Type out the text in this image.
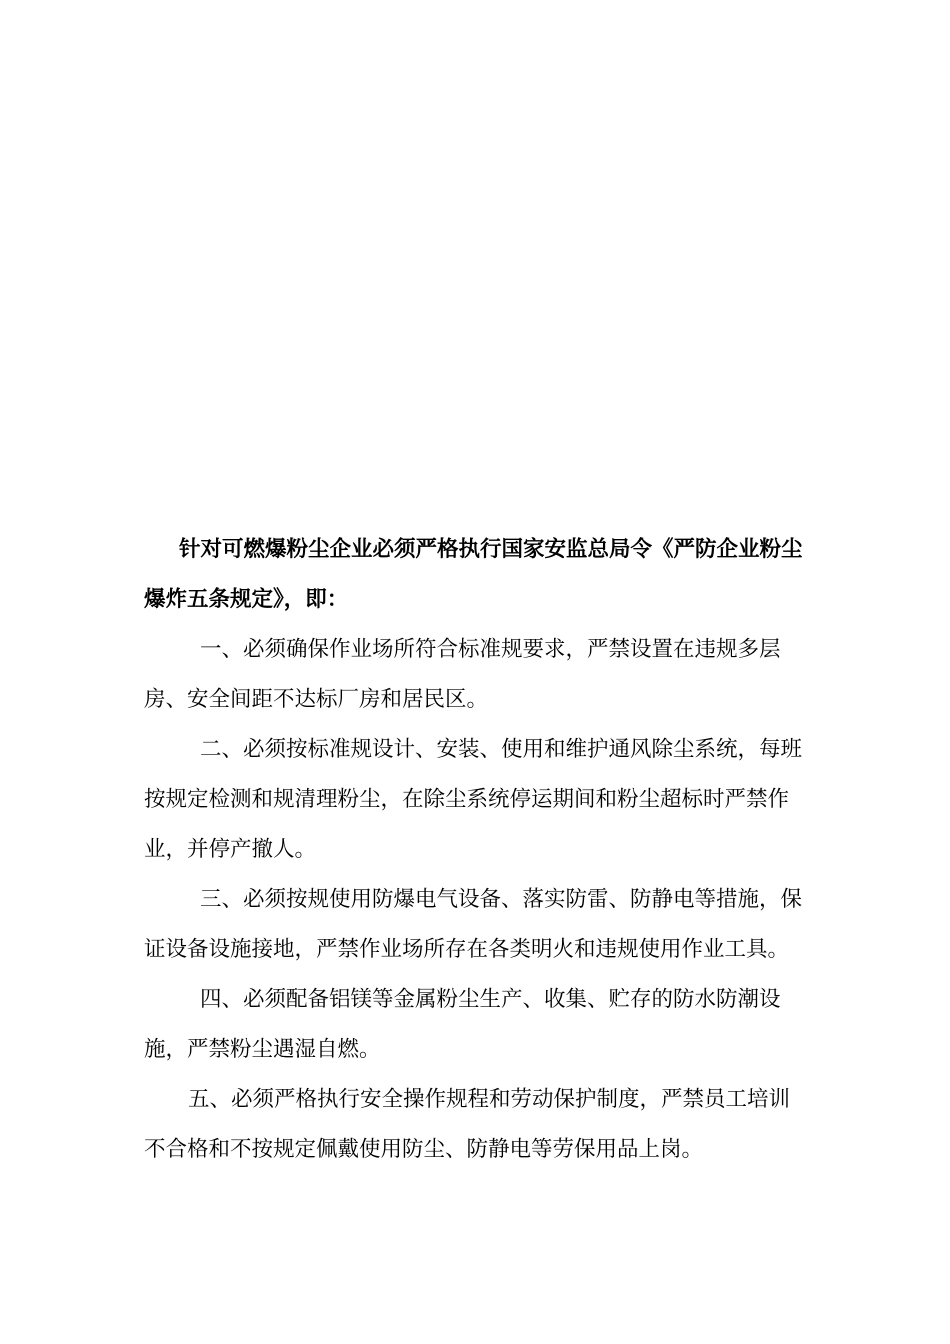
针对可燃爆粉尘企业必须严格执行国家安监总局令《严防企业粉尘爆炸五条规定》，即：

一、必须确保作业场所符合标准规要求，严禁设置在违规多层房、安全间距不达标厂房和居民区。

二、必须按标准规设计、安装、使用和维护通风除尘系统，每班按规定检测和规清理粉尘，在除尘系统停运期间和粉尘超标时严禁作业，并停产撤人。

三、必须按规使用防爆电气设备、落实防雷、防静电等措施，保证设备设施接地，严禁作业场所存在各类明火和违规使用作业工具。

四、必须配备铝镁等金属粉尘生产、收集、贮存的防水防潮设施，严禁粉尘遇湿自燃。

五、必须严格执行安全操作规程和劳动保护制度，严禁员工培训不合格和不按规定佩戴使用防尘、防静电等劳保用品上岗。
